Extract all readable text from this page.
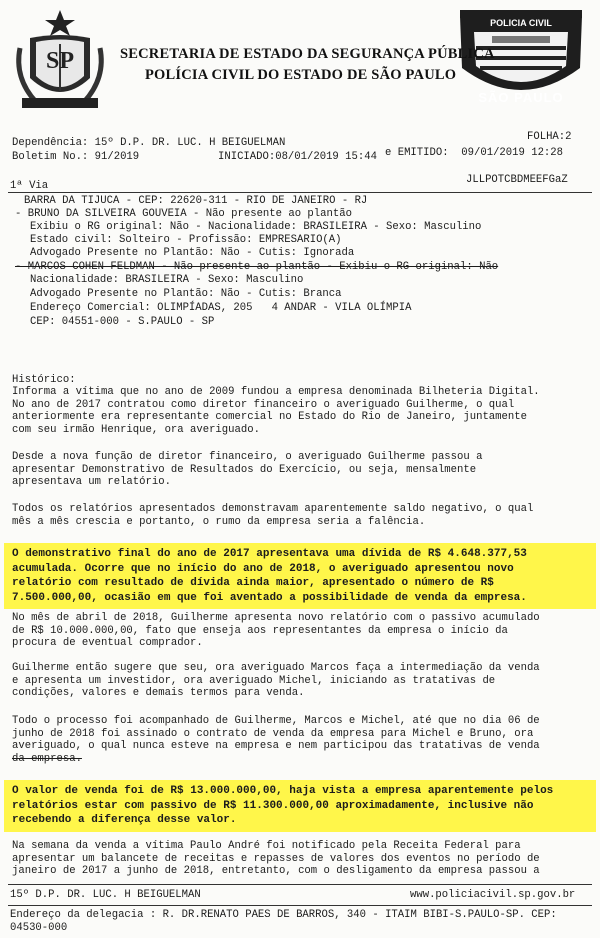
SP
POLICIA CIVIL
SÃO PAULO
SECRETARIA DE ESTADO DA SEGURANÇA PÚBLICA
POLÍCIA CIVIL DO ESTADO DE SÃO PAULO
Dependência: 15º D.P. DR. LUC. H BEIGUELMAN	FOLHA:2
Boletim No.: 91/2019	INICIADO:08/01/2019 15:44 e EMITIDO:  09/01/2019 12:28
1ª Via	JLLPOTCBDMEEFGaZ
BARRA DA TIJUCA - CEP: 22620-311 - RIO DE JANEIRO - RJ
- BRUNO DA SILVEIRA GOUVEIA - Não presente ao plantão
Exibiu o RG original: Não - Nacionalidade: BRASILEIRA - Sexo: Masculino
Estado civil: Solteiro - Profissão: EMPRESARIO(A)
Advogado Presente no Plantão: Não - Cutis: Ignorada
- MARCOS COHEN FELDMAN - Não presente ao plantão - Exibiu o RG original: Não
Nacionalidade: BRASILEIRA - Sexo: Masculino
Advogado Presente no Plantão: Não - Cutis: Branca
Endereço Comercial: OLIMPÍADAS, 205   4 ANDAR - VILA OLÍMPIA
CEP: 04551-000 - S.PAULO - SP
Histórico:
Informa a vítima que no ano de 2009 fundou a empresa denominada Bilheteria Digital.
No ano de 2017 contratou como diretor financeiro o averiguado Guilherme, o qual
anteriormente era representante comercial no Estado do Rio de Janeiro, juntamente
com seu irmão Henrique, ora averiguado.
Desde a nova função de diretor financeiro, o averiguado Guilherme passou a
apresentar Demonstrativo de Resultados do Exercício, ou seja, mensalmente
apresentava um relatório.
Todos os relatórios apresentados demonstravam aparentemente saldo negativo, o qual
mês a mês crescia e portanto, o rumo da empresa seria a falência.
O demonstrativo final do ano de 2017 apresentava uma dívida de R$ 4.648.377,53
acumulada. Ocorre que no início do ano de 2018, o averiguado apresentou novo
relatório com resultado de dívida ainda maior, apresentado o número de R$
7.500.000,00, ocasião em que foi aventado a possibilidade de venda da empresa.
No mês de abril de 2018, Guilherme apresenta novo relatório com o passivo acumulado
de R$ 10.000.000,00, fato que enseja aos representantes da empresa o início da
procura de eventual comprador.
Guilherme então sugere que seu, ora averiguado Marcos faça a intermediação da venda
e apresenta um investidor, ora averiguado Michel, iniciando as tratativas de
condições, valores e demais termos para venda.
Todo o processo foi acompanhado de Guilherme, Marcos e Michel, até que no dia 06 de
junho de 2018 foi assinado o contrato de venda da empresa para Michel e Bruno, ora
averiguado, o qual nunca esteve na empresa e nem participou das tratativas de venda
da empresa.
O valor de venda foi de R$ 13.000.000,00, haja vista a empresa aparentemente pelos
relatórios estar com passivo de R$ 11.300.000,00 aproximadamente, inclusive não
recebendo a diferença desse valor.
Na semana da venda a vítima Paulo André foi notificado pela Receita Federal para
apresentar um balancete de receitas e repasses de valores dos eventos no período de
janeiro de 2017 a junho de 2018, entretanto, com o desligamento da empresa passou a
15º D.P. DR. LUC. H BEIGUELMAN	www.policiacivil.sp.gov.br
Endereço da delegacia : R. DR.RENATO PAES DE BARROS, 340 - ITAIM BIBI-S.PAULO-SP. CEP:
04530-000
